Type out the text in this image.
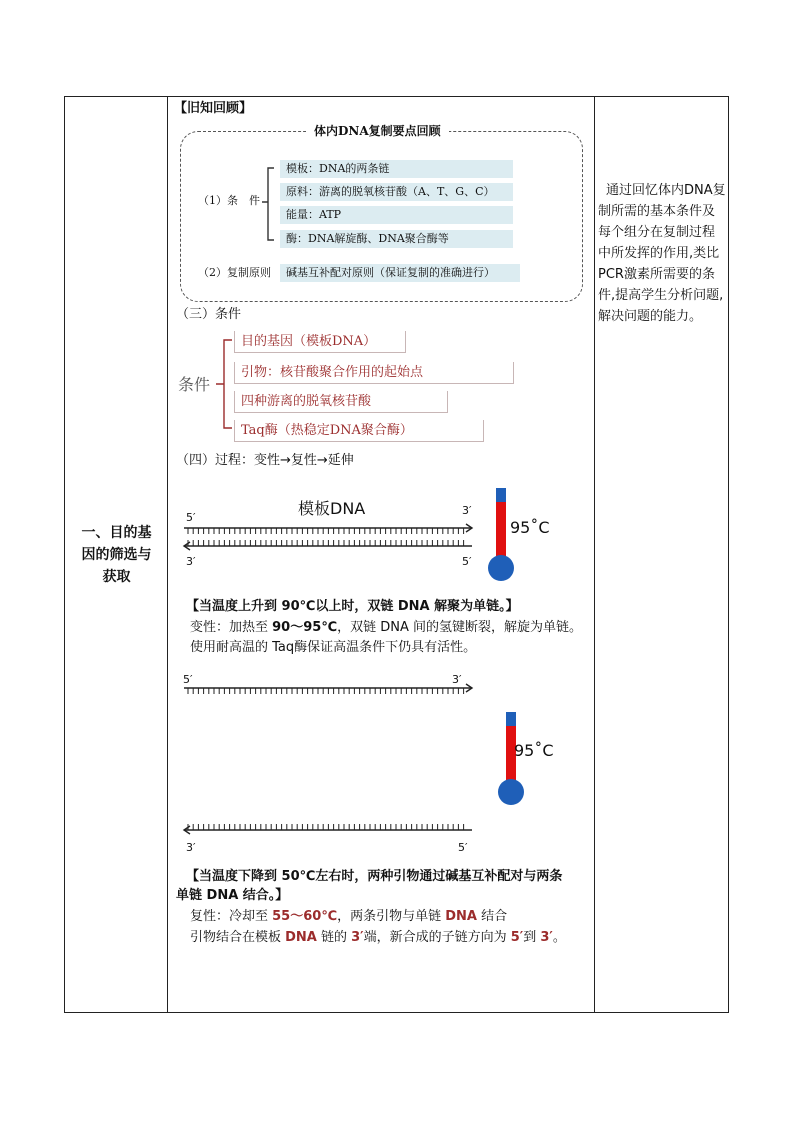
一、目的基因的筛选与获取
通过回忆体内DNA复制所需的基本条件及每个组分在复制过程中所发挥的作用,类比PCR激素所需要的条件,提高学生分析问题,解决问题的能力。
【旧知回顾】
体内DNA复制要点回顾
（1）条　件
模板：DNA的两条链
原料：游离的脱氧核苷酸（A、T、G、C）
能量：ATP
酶：DNA解旋酶、DNA聚合酶等
（2）复制原则	碱基互补配对原则（保证复制的准确进行）
（三）条件
条件
目的基因（模板DNA）
引物：核苷酸聚合作用的起始点
四种游离的脱氧核苷酸
Taq酶（热稳定DNA聚合酶）
（四）过程：变性→复性→延伸
模板DNA
5′
3′
3′	5′
95˚C
【当温度上升到 90℃以上时，双链 DNA 解聚为单链。】
变性：加热至 90～95℃，双链 DNA 间的氢键断裂，解旋为单链。
使用耐高温的 Taq酶保证高温条件下仍具有活性。
5′	3′
95˚C
3′	5′
【当温度下降到 50℃左右时，两种引物通过碱基互补配对与两条
单链 DNA 结合。】
复性：冷却至 55～60℃，两条引物与单链 DNA 结合
引物结合在模板 DNA 链的 3′端，新合成的子链方向为 5′到 3′。
